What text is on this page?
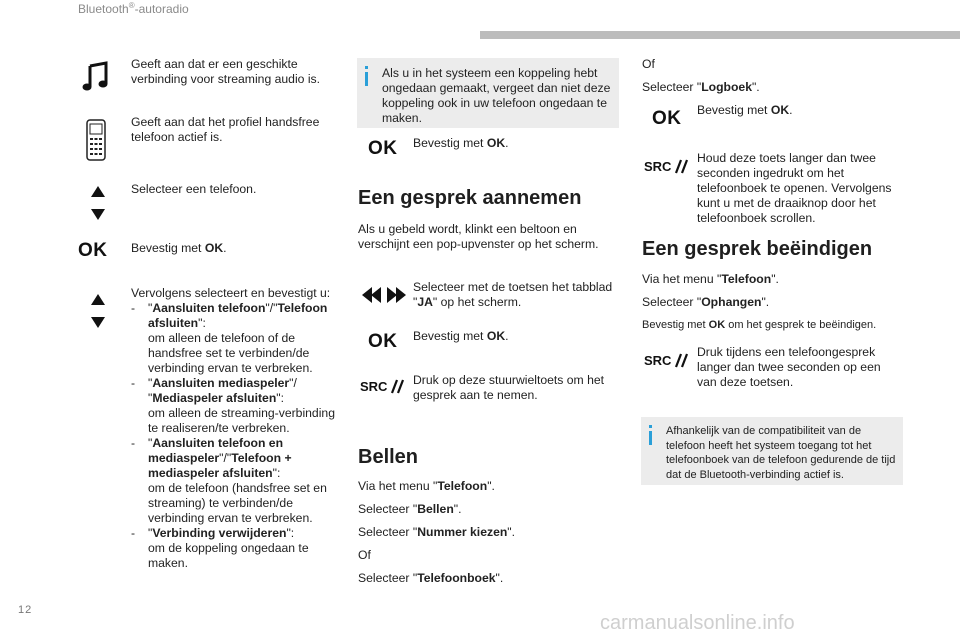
Bluetooth®-autoradio
Geeft aan dat er een geschikte verbinding voor streaming audio is.
Geeft aan dat het profiel handsfree telefoon actief is.
Selecteer een telefoon.
OK Bevestig met OK.
Vervolgens selecteert en bevestigt u:
- "Aansluiten telefoon"/"Telefoon afsluiten":
om alleen de telefoon of de handsfree set te verbinden/de verbinding ervan te verbreken.
- "Aansluiten mediaspeler"/ "Mediaspeler afsluiten":
om alleen de streaming-verbinding te realiseren/te verbreken.
- "Aansluiten telefoon en mediaspeler"/"Telefoon + mediaspeler afsluiten":
om de telefoon (handsfree set en streaming) te verbinden/de verbinding ervan te verbreken.
- "Verbinding verwijderen":
om de koppeling ongedaan te maken.
Als u in het systeem een koppeling hebt ongedaan gemaakt, vergeet dan niet deze koppeling ook in uw telefoon ongedaan te maken.
OK Bevestig met OK.
Een gesprek aannemen
Als u gebeld wordt, klinkt een beltoon en verschijnt een pop-upvenster op het scherm.
Selecteer met de toetsen het tabblad "JA" op het scherm.
OK Bevestig met OK.
SRC Druk op deze stuurwieltoets om het gesprek aan te nemen.
Bellen
Via het menu "Telefoon".
Selecteer "Bellen".
Selecteer "Nummer kiezen".
Of
Selecteer "Telefoonboek".
Of
Selecteer "Logboek".
OK Bevestig met OK.
SRC
Houd deze toets langer dan twee seconden ingedrukt om het telefoonboek te openen. Vervolgens kunt u met de draaiknop door het telefoonboek scrollen.
Een gesprek beëindigen
Via het menu "Telefoon".
Selecteer "Ophangen".
Bevestig met OK om het gesprek te beëindigen.
SRC
Druk tijdens een telefoongesprek langer dan twee seconden op een van deze toetsen.
Afhankelijk van de compatibiliteit van de telefoon heeft het systeem toegang tot het telefoonboek van de telefoon gedurende de tijd dat de Bluetooth-verbinding actief is.
12
carmanualsonline.info
